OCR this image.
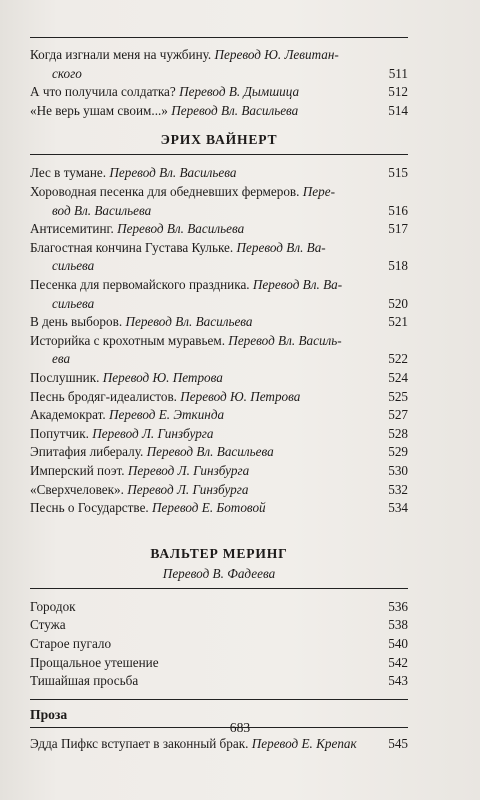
Когда изгнали меня на чужбину. Перевод Ю. Левитан-
ского	511
А что получила солдатка? Перевод В. Дымшица	512
«Не верь ушам своим...» Перевод Вл. Васильева	514
ЭРИХ ВАЙНЕРТ
Лес в тумане. Перевод Вл. Васильева	515
Хороводная песенка для обедневших фермеров. Пере-
вод Вл. Васильева	516
Антисемитинг. Перевод Вл. Васильева	517
Благостная кончина Густава Кульке. Перевод Вл. Ва-
сильева	518
Песенка для первомайского праздника. Перевод Вл. Ва-
сильева	520
В день выборов. Перевод Вл. Васильева	521
Историйка с крохотным муравьем. Перевод Вл. Василь-
ева	522
Послушник. Перевод Ю. Петрова	524
Песнь бродяг-идеалистов. Перевод Ю. Петрова	525
Академократ. Перевод Е. Эткинда	527
Попутчик. Перевод Л. Гинзбурга	528
Эпитафия либералу. Перевод Вл. Васильева	529
Имперский поэт. Перевод Л. Гинзбурга	530
«Сверхчеловек». Перевод Л. Гинзбурга	532
Песнь о Государстве. Перевод Е. Ботовой	534
ВАЛЬТЕР МЕРИНГ
Перевод В. Фадеева
Городок	536
Стужа	538
Старое пугало	540
Прощальное утешение	542
Тишайшая просьба	543
Проза
Эдда Пифкс вступает в законный брак. Перевод Е. Крепак 545
683
